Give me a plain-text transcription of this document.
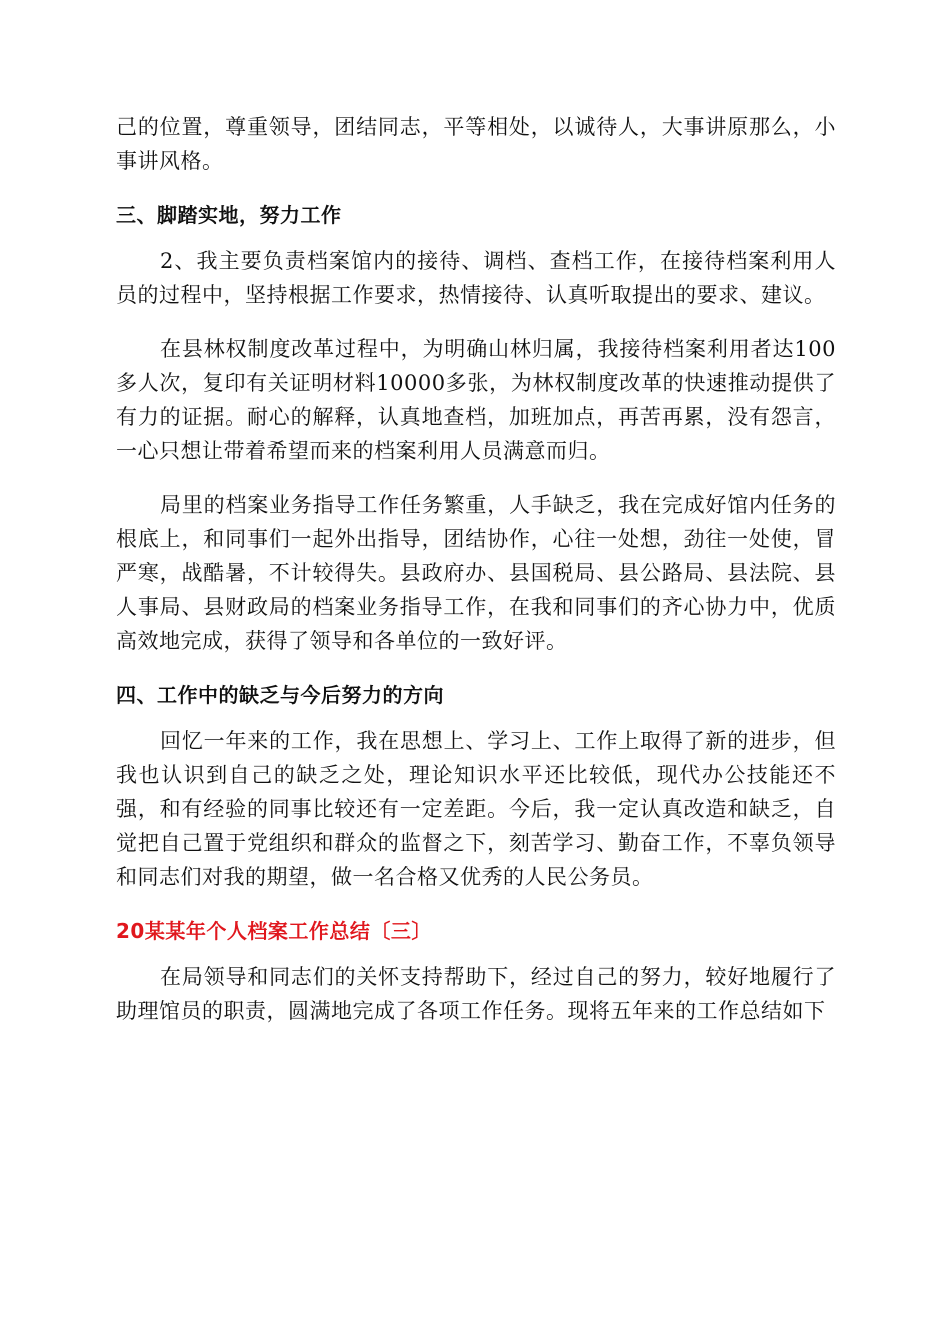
己的位置，尊重领导，团结同志，平等相处，以诚待人，大事讲原那么，小事讲风格。

三、脚踏实地，努力工作

2、我主要负责档案馆内的接待、调档、查档工作，在接待档案利用人员的过程中，坚持根据工作要求，热情接待、认真听取提出的要求、建议。

在县林权制度改革过程中，为明确山林归属，我接待档案利用者达100多人次，复印有关证明材料10000多张，为林权制度改革的快速推动提供了有力的证据。耐心的解释，认真地查档，加班加点，再苦再累，没有怨言，一心只想让带着希望而来的档案利用人员满意而归。

局里的档案业务指导工作任务繁重，人手缺乏，我在完成好馆内任务的根底上，和同事们一起外出指导，团结协作，心往一处想，劲往一处使，冒严寒，战酷暑，不计较得失。县政府办、县国税局、县公路局、县法院、县人事局、县财政局的档案业务指导工作，在我和同事们的齐心协力中，优质高效地完成，获得了领导和各单位的一致好评。

四、工作中的缺乏与今后努力的方向

回忆一年来的工作，我在思想上、学习上、工作上取得了新的进步，但我也认识到自己的缺乏之处，理论知识水平还比较低，现代办公技能还不强，和有经验的同事比较还有一定差距。今后，我一定认真改造和缺乏，自觉把自己置于党组织和群众的监督之下，刻苦学习、勤奋工作，不辜负领导和同志们对我的期望，做一名合格又优秀的人民公务员。

20某某年个人档案工作总结〔三〕

在局领导和同志们的关怀支持帮助下，经过自己的努力，较好地履行了助理馆员的职责，圆满地完成了各项工作任务。现将五年来的工作总结如下
